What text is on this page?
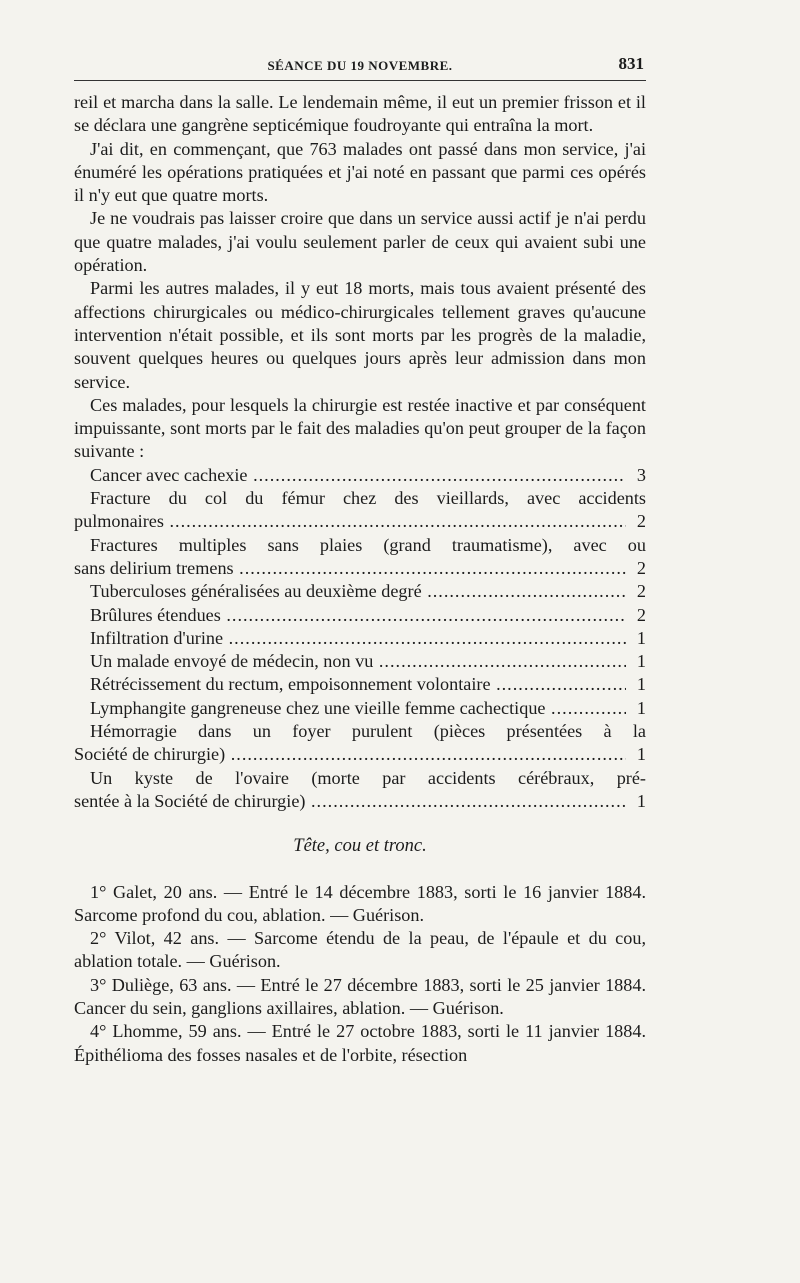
SÉANCE DU 19 NOVEMBRE.	831

reil et marcha dans la salle. Le lendemain même, il eut un premier frisson et il se déclara une gangrène septicémique foudroyante qui entraîna la mort.

J'ai dit, en commençant, que 763 malades ont passé dans mon service, j'ai énuméré les opérations pratiquées et j'ai noté en passant que parmi ces opérés il n'y eut que quatre morts.

Je ne voudrais pas laisser croire que dans un service aussi actif je n'ai perdu que quatre malades, j'ai voulu seulement parler de ceux qui avaient subi une opération.

Parmi les autres malades, il y eut 18 morts, mais tous avaient présenté des affections chirurgicales ou médico-chirurgicales tellement graves qu'aucune intervention n'était possible, et ils sont morts par les progrès de la maladie, souvent quelques heures ou quelques jours après leur admission dans mon service.

Ces malades, pour lesquels la chirurgie est restée inactive et par conséquent impuissante, sont morts par le fait des maladies qu'on peut grouper de la façon suivante :

Cancer avec cachexie .....	3
Fracture du col du fémur chez des vieillards, avec accidents
pulmonaires .....	2
Fractures multiples sans plaies (grand traumatisme), avec ou
sans delirium tremens .....	2
Tuberculoses généralisées au deuxième degré .....	2
Brûlures étendues .....	2
Infiltration d'urine .....	1
Un malade envoyé de médecin, non vu .....	1
Rétrécissement du rectum, empoisonnement volontaire .....	1
Lymphangite gangreneuse chez une vieille femme cachectique .....	1
Hémorragie dans un foyer purulent (pièces présentées à la
Société de chirurgie) .....	1
Un kyste de l'ovaire (morte par accidents cérébraux, pré-
sentée à la Société de chirurgie) .....	1
Tête, cou et tronc.

1° Galet, 20 ans. — Entré le 14 décembre 1883, sorti le 16 janvier 1884. Sarcome profond du cou, ablation. — Guérison.

2° Vilot, 42 ans. — Sarcome étendu de la peau, de l'épaule et du cou, ablation totale. — Guérison.

3° Duliège, 63 ans. — Entré le 27 décembre 1883, sorti le 25 janvier 1884. Cancer du sein, ganglions axillaires, ablation. — Guérison.

4° Lhomme, 59 ans. — Entré le 27 octobre 1883, sorti le 11 janvier 1884. Épithélioma des fosses nasales et de l'orbite, résection
